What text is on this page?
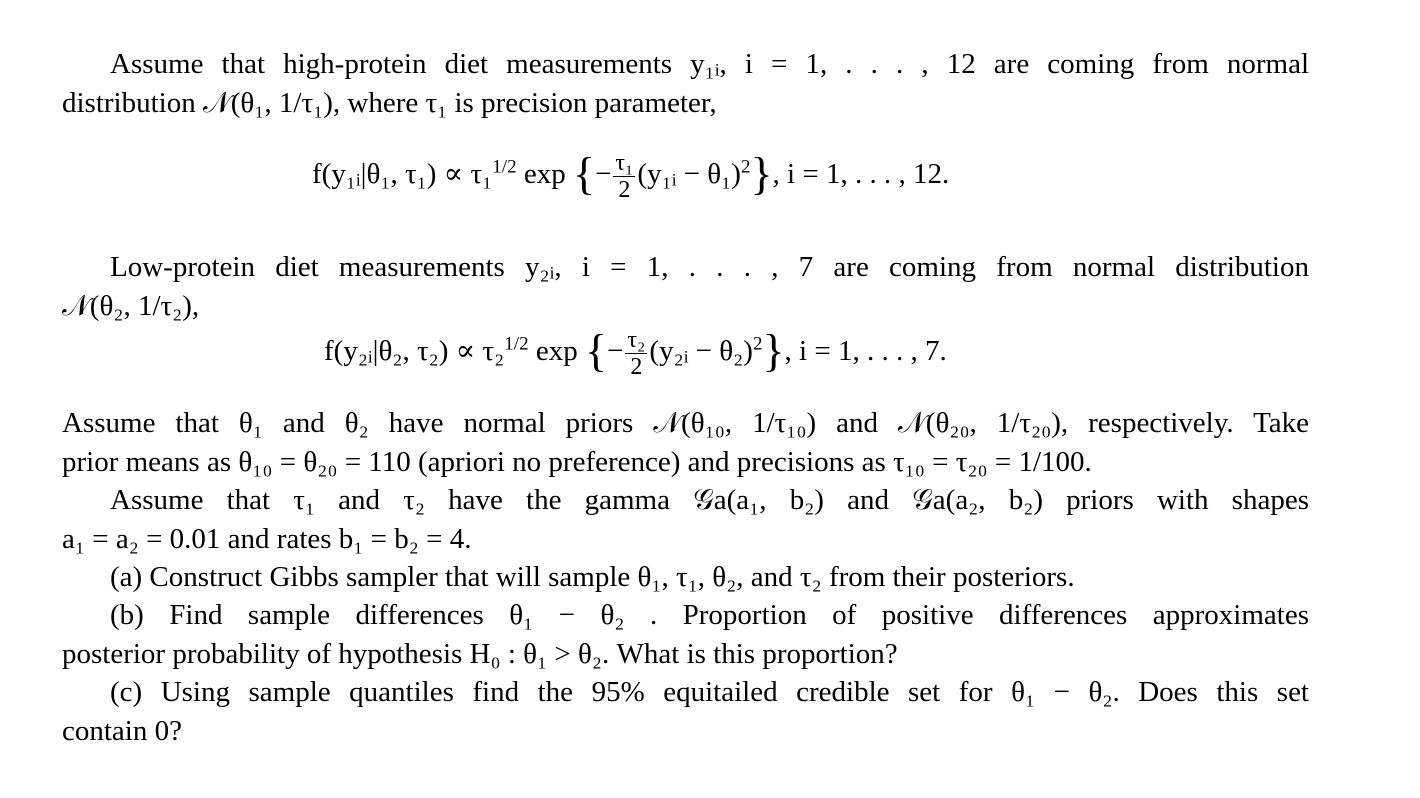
Assume that high-protein diet measurements y₁ᵢ, i = 1, . . . , 12 are coming from normal
distribution 𝒩(θ₁, 1/τ₁), where τ₁ is precision parameter,
f(y₁ᵢ|θ₁, τ₁) ∝ τ₁$^{1/2}$ exp {− $\frac{\text{τ₁}}{2}$ (y₁ᵢ − θ₁)$^2$}, i = 1, . . . , 12.
Low-protein diet measurements y₂ᵢ, i = 1, . . . , 7 are coming from normal distribution
𝒩(θ₂, 1/τ₂),
f(y₂ᵢ|θ₂, τ₂) ∝ τ₂$^{1/2}$ exp {− $\frac{\text{τ₂}}{2}$ (y₂ᵢ − θ₂)$^2$}, i = 1, . . . , 7.
Assume that θ₁ and θ₂ have normal priors 𝒩(θ₁₀, 1/τ₁₀) and 𝒩(θ₂₀, 1/τ₂₀), respectively. Take
prior means as θ₁₀ = θ₂₀ = 110 (apriori no preference) and precisions as τ₁₀ = τ₂₀ = 1/100.
Assume that τ₁ and τ₂ have the gamma 𝒢a(a₁, b₂) and 𝒢a(a₂, b₂) priors with shapes
a₁ = a₂ = 0.01 and rates b₁ = b₂ = 4.
(a) Construct Gibbs sampler that will sample θ₁, τ₁, θ₂, and τ₂ from their posteriors.
(b) Find sample differences θ₁ − θ₂ . Proportion of positive differences approximates
posterior probability of hypothesis H₀ : θ₁ > θ₂. What is this proportion?
(c) Using sample quantiles find the 95% equitailed credible set for θ₁ − θ₂. Does this set
contain 0?
